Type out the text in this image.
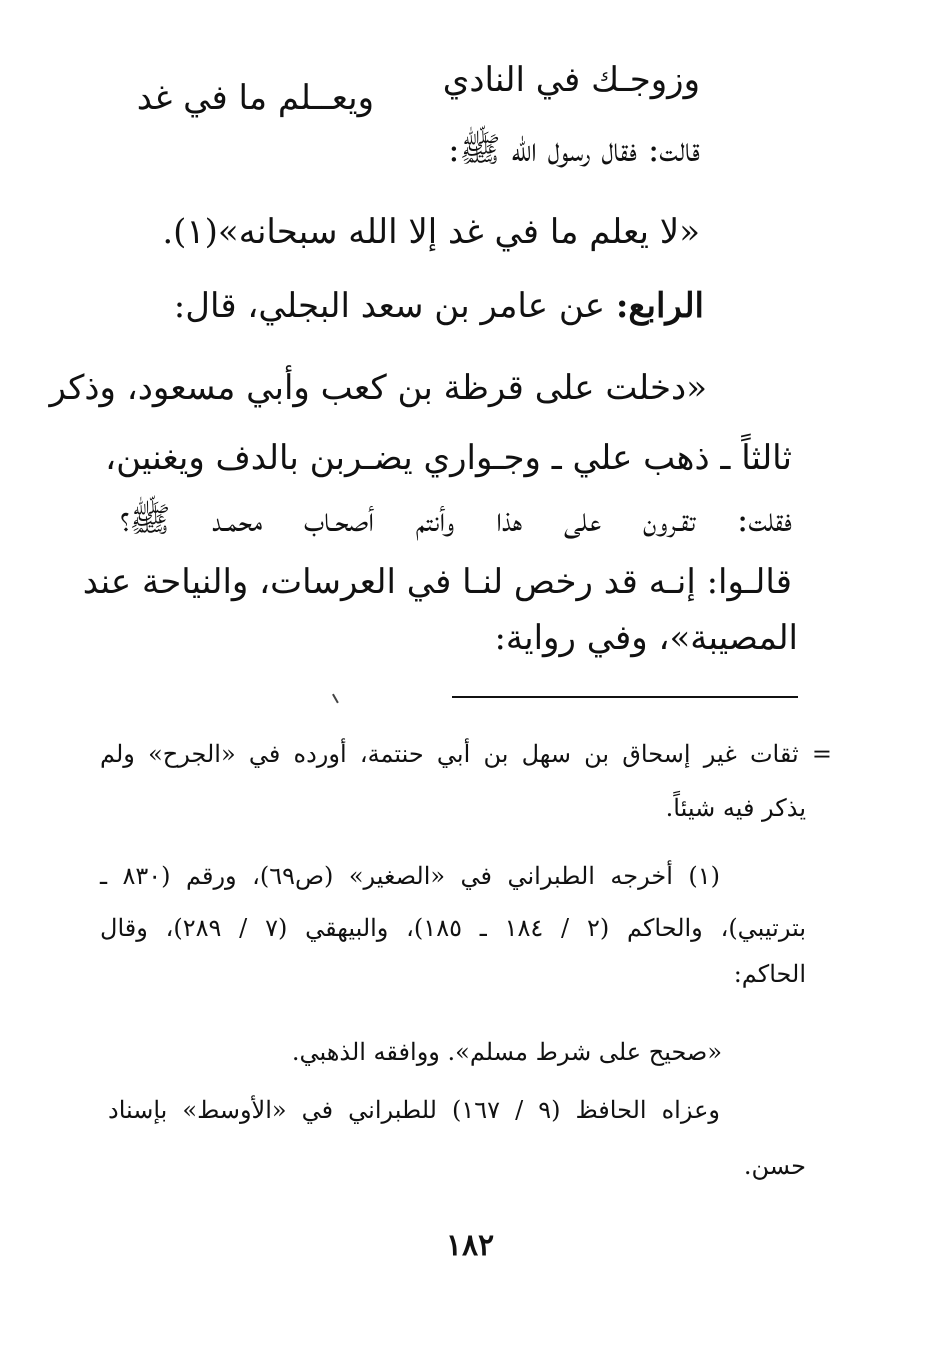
وزوجـك في النادي
ويعــلم ما في غد
قالت: فقال رسول الله ﷺ:
«لا يعلم ما في غد إلا الله سبحانه»(١).
الرابع: عن عامر بن سعد البجلي، قال:
«دخلت على قرظة بن كعب وأبي مسعود، وذكر
ثالثاً ـ ذهب علي ـ وجـواري يضـربن بالدف ويغنين،
فقلت: تقـرون على هذا وأنتم أصحـاب محمـد ﷺ؟
قالـوا: إنـه قد رخص لنـا في العرسات، والنياحة عند
المصيبة»، وفي رواية:
= ثقات غير إسحاق بن سهل بن أبي حنتمة، أورده في «الجرح» ولم
يذكر فيه شيئاً.
(١) أخرجه الطبراني في «الصغير» (ص٦٩)، ورقم (٨٣٠ ـ
بترتيبي)، والحاكم (٢ / ١٨٤ ـ ١٨٥)، والبيهقي (٧ / ٢٨٩)، وقال
الحاكم:
«صحيح على شرط مسلم». ووافقه الذهبي.
وعزاه الحافظ (٩ / ١٦٧) للطبراني في «الأوسط» بإسناد
حسن.
١٨٢
